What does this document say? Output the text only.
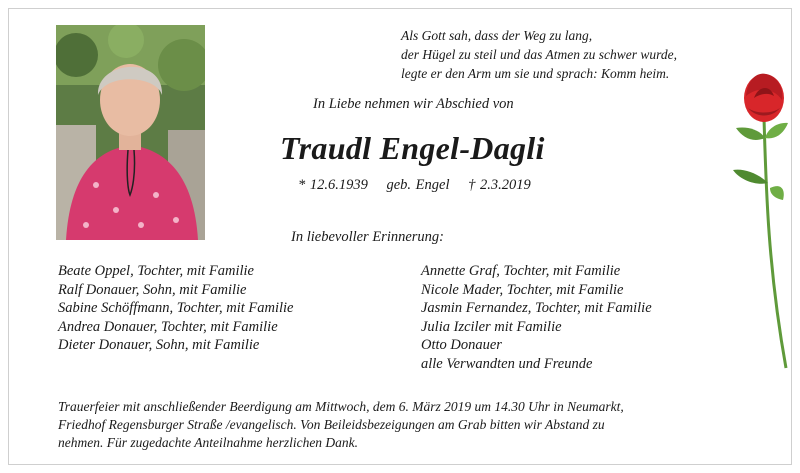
Als Gott sah, dass der Weg zu lang,
der Hügel zu steil und das Atmen zu schwer wurde,
legte er den Arm um sie und sprach: Komm heim.
In Liebe nehmen wir Abschied von
Traudl Engel-Dagli
* 12.6.1939 geb. Engel † 2.3.2019
In liebevoller Erinnerung:
Beate Oppel, Tochter, mit Familie
Ralf Donauer, Sohn, mit Familie
Sabine Schöffmann, Tochter, mit Familie
Andrea Donauer, Tochter, mit Familie
Dieter Donauer, Sohn, mit Familie
Annette Graf, Tochter, mit Familie
Nicole Mader, Tochter, mit Familie
Jasmin Fernandez, Tochter, mit Familie
Julia Izciler mit Familie
Otto Donauer
alle Verwandten und Freunde
Trauerfeier mit anschließender Beerdigung am Mittwoch, dem 6. März 2019 um 14.30 Uhr in Neumarkt,
Friedhof Regensburger Straße /evangelisch. Von Beileidsbezeigungen am Grab bitten wir Abstand zu
nehmen. Für zugedachte Anteilnahme herzlichen Dank.
